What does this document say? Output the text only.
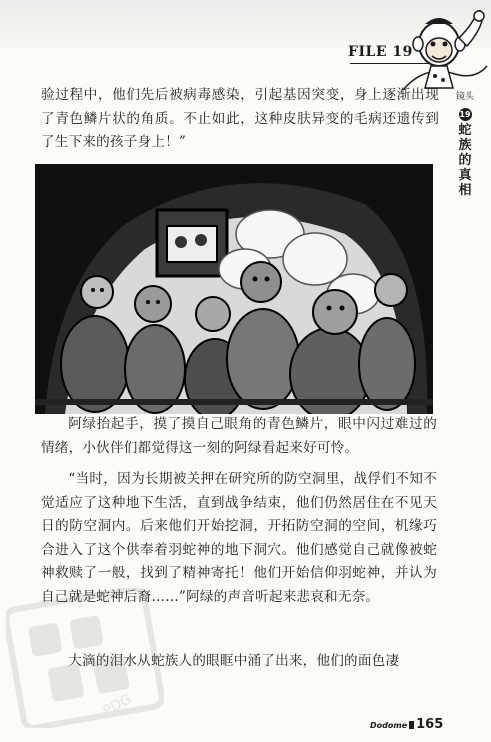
FILE 19
镜头
19
蛇族的真相
验过程中，他们先后被病毒感染，引起基因突变，身上逐渐出现了青色鳞片状的角质。不止如此，这种皮肤异变的毛病还遗传到了生下来的孩子身上！”
阿绿抬起手，摸了摸自己眼角的青色鳞片，眼中闪过难过的情绪，小伙伴们都觉得这一刻的阿绿看起来好可怜。
“当时，因为长期被关押在研究所的防空洞里，战俘们不知不觉适应了这种地下生活，直到战争结束，他们仍然居住在不见天日的防空洞内。后来他们开始挖洞，开拓防空洞的空间，机缘巧合进入了这个供奉着羽蛇神的地下洞穴。他们感觉自己就像被蛇神救赎了一般，找到了精神寄托！他们开始信仰羽蛇神，并认为自己就是蛇神后裔……”阿绿的声音听起来悲哀和无奈。
大滴的泪水从蛇族人的眼眶中涌了出来，他们的面色凄
PDG
Dodome 165
